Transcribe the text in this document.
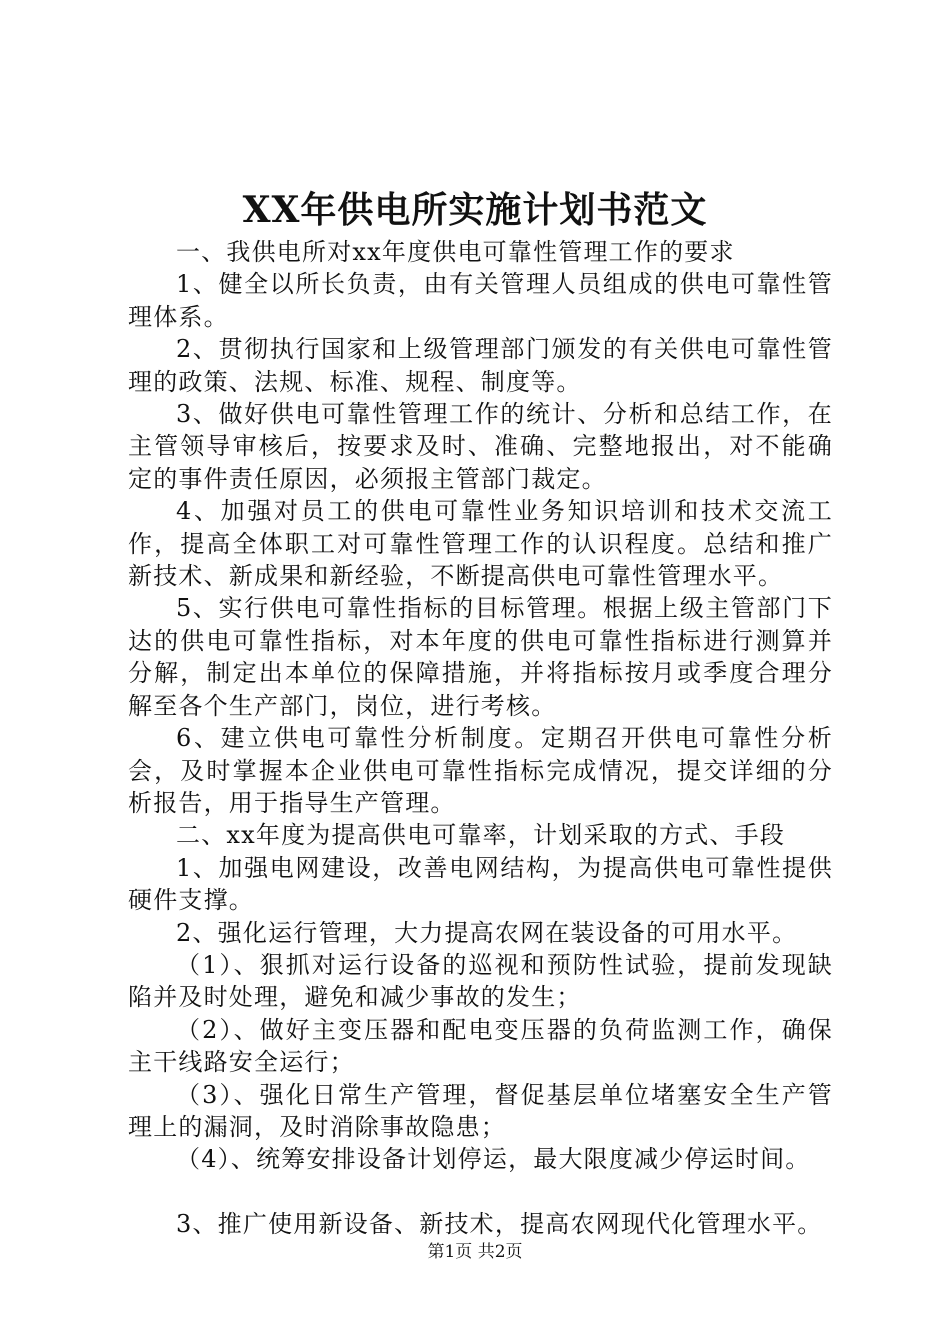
XX年供电所实施计划书范文

一、我供电所对xx年度供电可靠性管理工作的要求

1、健全以所长负责，由有关管理人员组成的供电可靠性管理体系。

2、贯彻执行国家和上级管理部门颁发的有关供电可靠性管理的政策、法规、标准、规程、制度等。

3、做好供电可靠性管理工作的统计、分析和总结工作，在主管领导审核后，按要求及时、准确、完整地报出，对不能确定的事件责任原因，必须报主管部门裁定。

4、加强对员工的供电可靠性业务知识培训和技术交流工作，提高全体职工对可靠性管理工作的认识程度。总结和推广新技术、新成果和新经验，不断提高供电可靠性管理水平。

5、实行供电可靠性指标的目标管理。根据上级主管部门下达的供电可靠性指标，对本年度的供电可靠性指标进行测算并分解，制定出本单位的保障措施，并将指标按月或季度合理分解至各个生产部门，岗位，进行考核。

6、建立供电可靠性分析制度。定期召开供电可靠性分析会，及时掌握本企业供电可靠性指标完成情况，提交详细的分析报告，用于指导生产管理。

二、xx年度为提高供电可靠率，计划采取的方式、手段

1、加强电网建设，改善电网结构，为提高供电可靠性提供硬件支撑。

2、强化运行管理，大力提高农网在装设备的可用水平。

（1）、狠抓对运行设备的巡视和预防性试验，提前发现缺陷并及时处理，避免和减少事故的发生；

（2）、做好主变压器和配电变压器的负荷监测工作，确保主干线路安全运行；

（3）、强化日常生产管理，督促基层单位堵塞安全生产管理上的漏洞，及时消除事故隐患；

（4）、统筹安排设备计划停运，最大限度减少停运时间。

3、推广使用新设备、新技术，提高农网现代化管理水平。

第1页 共2页
